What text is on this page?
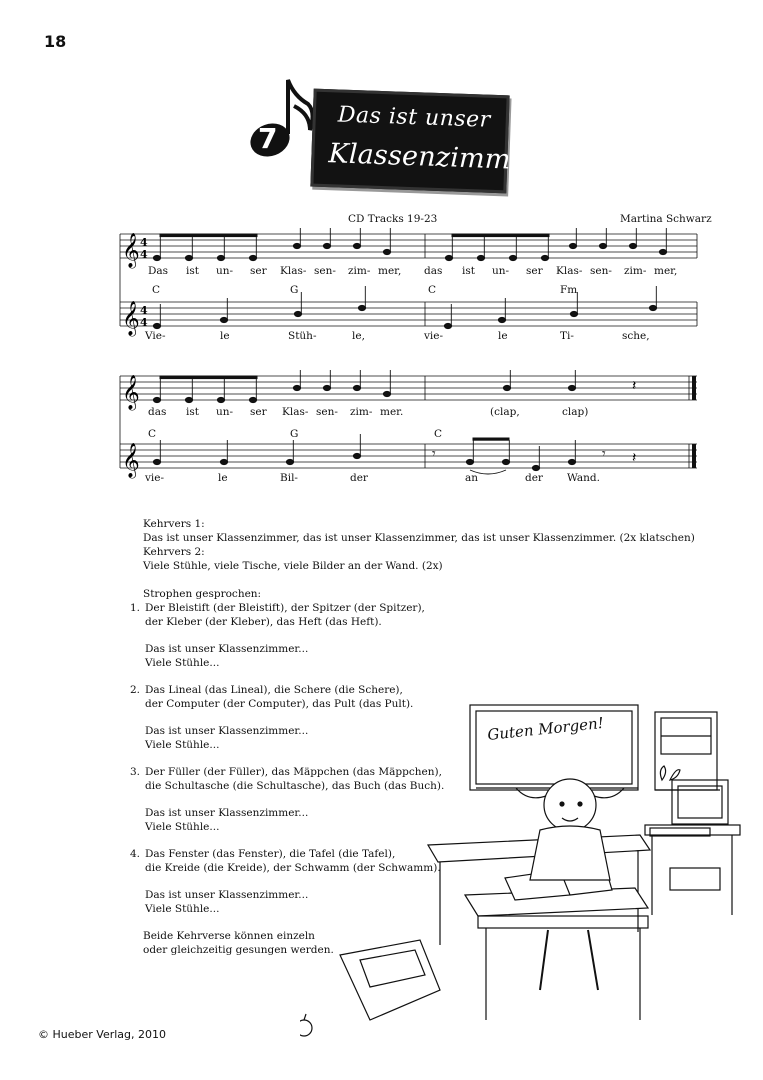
18
7
Das ist unser
Klassenzimmer
CD Tracks 19-23	Martina Schwarz
𝄞
𝄞
4
4
4
4
Das ist un- ser Klas- sen- zim- mer, das ist un- ser Klas- sen- zim- mer,
C	G	C	Fm
Vie-	le	Stüh-	le,	vie-	le	Ti-	sche,
𝄞
𝄞	𝄾	𝄾
𝄽
𝄽
das ist un- ser Klas- sen- zim- mer.	(clap,	clap)
C	G	C
vie-	le	Bil-	der	an	der Wand.
Kehrvers 1:
Das ist unser Klassenzimmer, das ist unser Klassenzimmer, das ist unser Klassenzimmer. (2x klatschen)
Kehrvers 2:
Viele Stühle, viele Tische, viele Bilder an der Wand. (2x)
Strophen gesprochen:
1. Der Bleistift (der Bleistift), der Spitzer (der Spitzer),
der Kleber (der Kleber), das Heft (das Heft).
Das ist unser Klassenzimmer...
Viele Stühle...
2. Das Lineal (das Lineal), die Schere (die Schere),
der Computer (der Computer), das Pult (das Pult).
Das ist unser Klassenzimmer...
Viele Stühle...
3. Der Füller (der Füller), das Mäppchen (das Mäppchen),
die Schultasche (die Schultasche), das Buch (das Buch).
Das ist unser Klassenzimmer...
Viele Stühle...
4. Das Fenster (das Fenster), die Tafel (die Tafel),
die Kreide (die Kreide), der Schwamm (der Schwamm).
Das ist unser Klassenzimmer...
Viele Stühle...
Beide Kehrverse können einzeln
oder gleichzeitig gesungen werden.
Guten Morgen!
© Hueber Verlag, 2010
